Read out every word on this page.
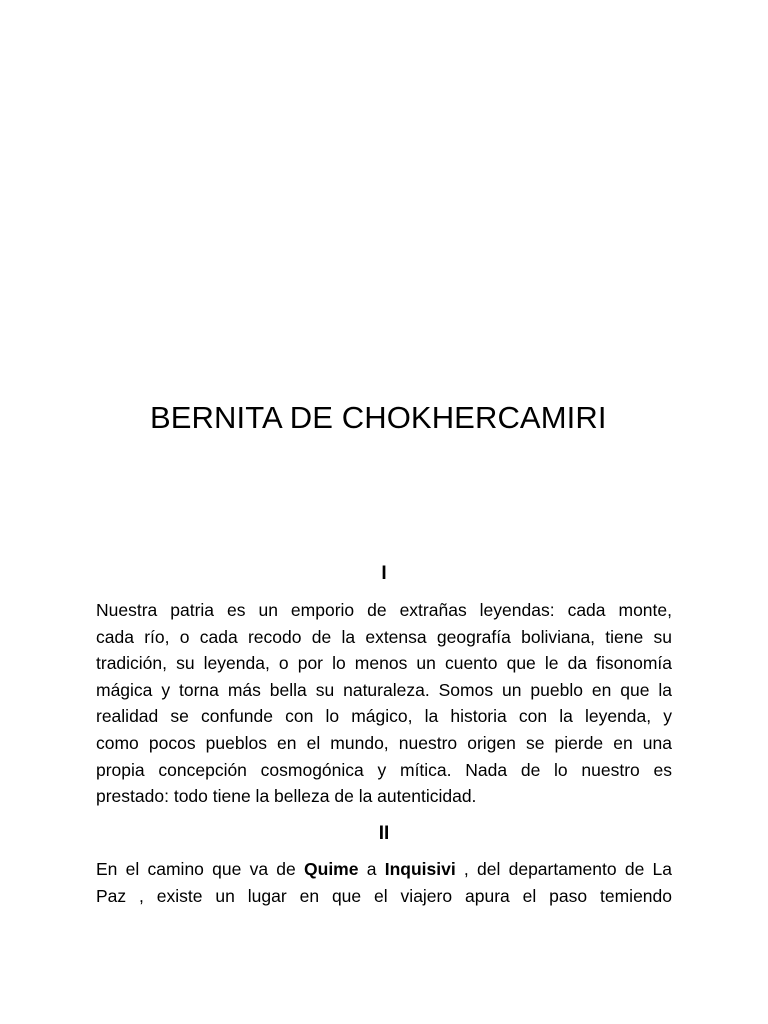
BERNITA DE CHOKHERCAMIRI
I
Nuestra patria es un emporio de extrañas leyendas: cada monte,
cada río, o cada recodo de la extensa geografía boliviana, tiene su
tradición, su leyenda, o por lo menos un cuento que le da fisonomía
mágica y torna más bella su naturaleza. Somos un pueblo en que la
realidad se confunde con lo mágico, la historia con la leyenda, y
como pocos pueblos en el mundo, nuestro origen se pierde en una
propia concepción cosmogónica y mítica. Nada de lo nuestro es
prestado: todo tiene la belleza de la autenticidad.
II
En el camino que va de Quime a Inquisivi , del departamento de La
Paz , existe un lugar en que el viajero apura el paso temiendo
